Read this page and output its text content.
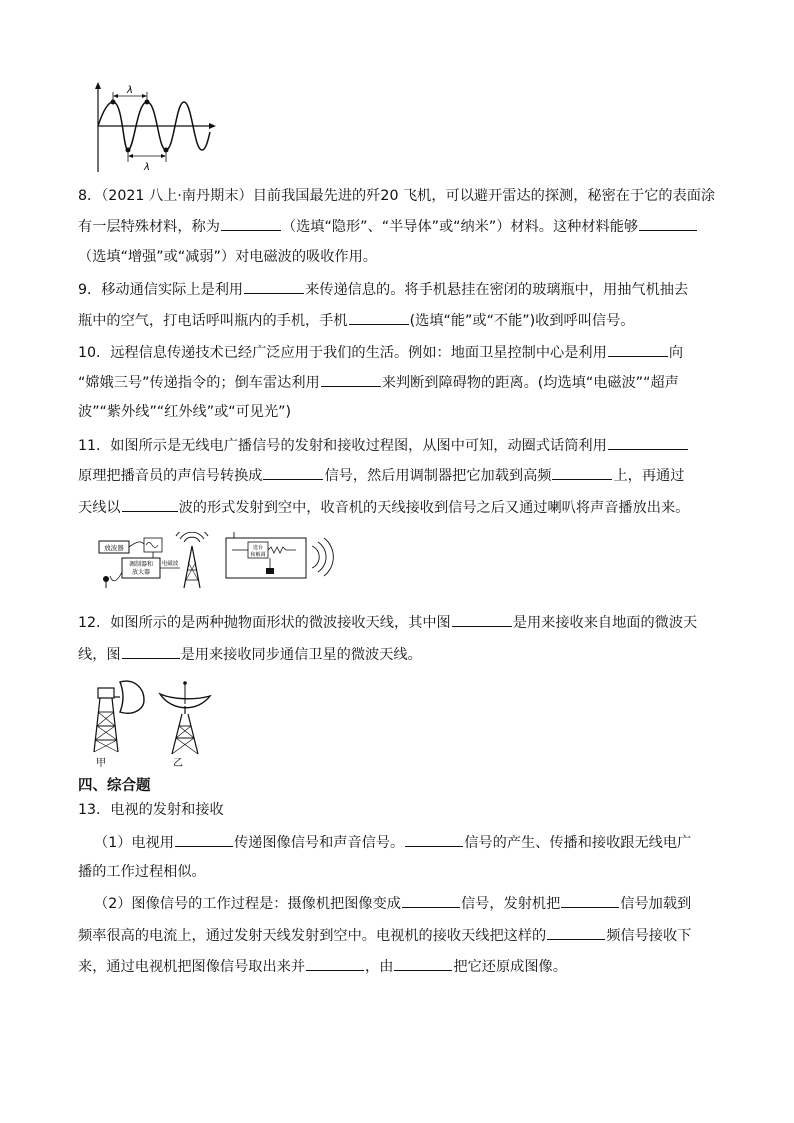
λ
λ
8．（2021 八上·南丹期末）目前我国最先进的歼20 飞机，可以避开雷达的探测，秘密在于它的表面涂
有一层特殊材料，称为	（选填“隐形”、“半导体”或“纳米”）材料。这种材料能够
（选填“增强”或“减弱”）对电磁波的吸收作用。
9．移动通信实际上是利用	来传递信息的。将手机悬挂在密闭的玻璃瓶中，用抽气机抽去
瓶中的空气，打电话呼叫瓶内的手机，手机	(选填“能”或“不能”)收到呼叫信号。
10．远程信息传递技术已经广泛应用于我们的生活。例如：地面卫星控制中心是利用	向
“嫦娥三号”传递指令的；倒车雷达利用	来判断到障碍物的距离。(均选填“电磁波”“超声
波”“紫外线”“红外线”或“可见光”)
11．如图所示是无线电广播信号的发射和接收过程图，从图中可知，动圈式话筒利用
原理把播音员的声信号转换成	信号，然后用调制器把它加载到高频	上，再通过
天线以	波的形式发射到空中，收音机的天线接收到信号之后又通过喇叭将声音播放出来。
放波器
调制器和
放大器
电磁波
选台
和解调
12．如图所示的是两种抛物面形状的微波接收天线，其中图	是用来接收来自地面的微波天
线，图	是用来接收同步通信卫星的微波天线。
甲	乙
四、综合题
13．电视的发射和接收
（1）电视用	传递图像信号和声音信号。	信号的产生、传播和接收跟无线电广
播的工作过程相似。
（2）图像信号的工作过程是：摄像机把图像变成	信号，发射机把	信号加载到
频率很高的电流上，通过发射天线发射到空中。电视机的接收天线把这样的	频信号接收下
来，通过电视机把图像信号取出来并	，由	把它还原成图像。
